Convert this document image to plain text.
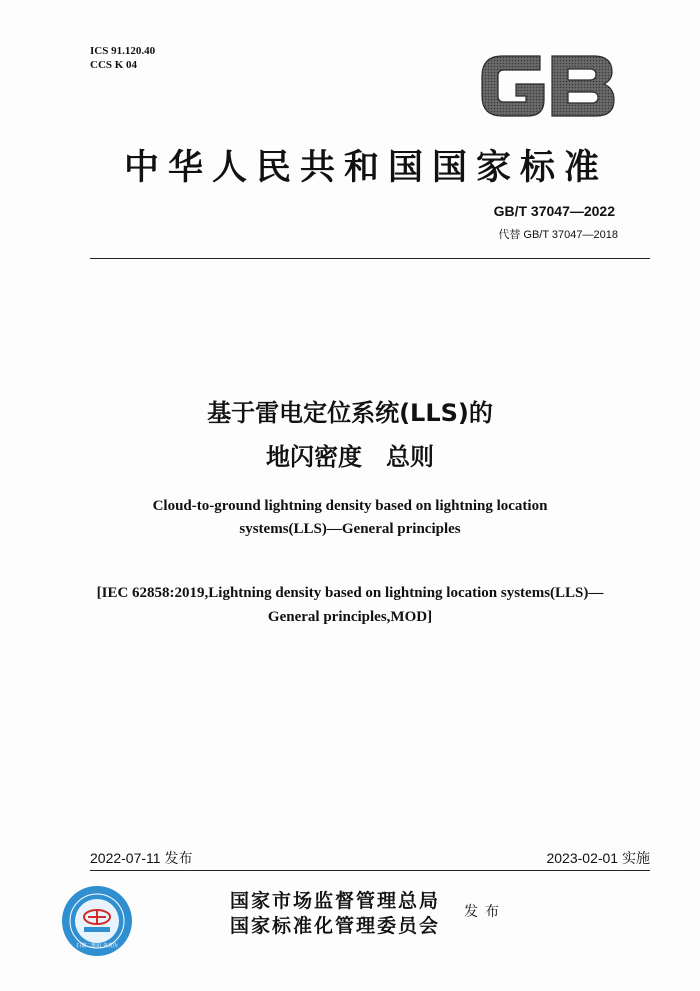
ICS 91.120.40
CCS K 04
中华人民共和国国家标准
GB/T 37047—2022
代替 GB/T 37047—2018
基于雷电定位系统(LLS)的
地闪密度　总则
Cloud-to-ground lightning density based on lightning location
systems(LLS)—General principles
[IEC 62858:2019,Lightning density based on lightning location systems(LLS)—
General principles,MOD]
2022-07-11 发布	2023-02-01 实施
扫描二维码 查真伪
国家市场监督管理总局
国家标准化管理委员会
发布
